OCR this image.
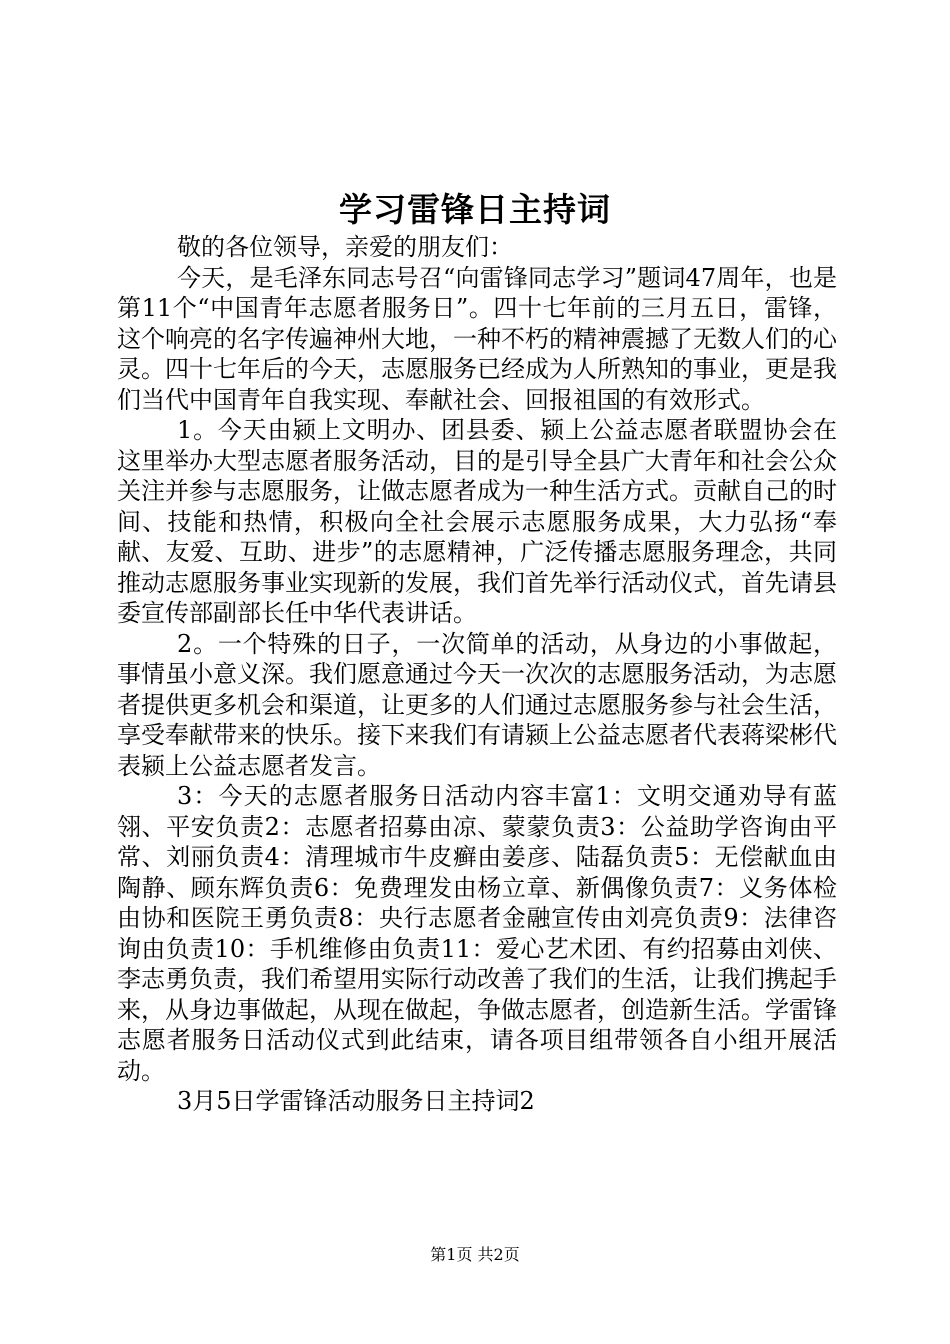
学习雷锋日主持词

敬的各位领导，亲爱的朋友们：

今天，是毛泽东同志号召“向雷锋同志学习”题词47周年，也是第11个“中国青年志愿者服务日”。四十七年前的三月五日，雷锋，这个响亮的名字传遍神州大地，一种不朽的精神震撼了无数人们的心灵。四十七年后的今天，志愿服务已经成为人所熟知的事业，更是我们当代中国青年自我实现、奉献社会、回报祖国的有效形式。

1。今天由颍上文明办、团县委、颍上公益志愿者联盟协会在这里举办大型志愿者服务活动，目的是引导全县广大青年和社会公众关注并参与志愿服务，让做志愿者成为一种生活方式。贡献自己的时间、技能和热情，积极向全社会展示志愿服务成果，大力弘扬“奉献、友爱、互助、进步”的志愿精神，广泛传播志愿服务理念，共同推动志愿服务事业实现新的发展，我们首先举行活动仪式，首先请县委宣传部副部长任中华代表讲话。

2。一个特殊的日子，一次简单的活动，从身边的小事做起，事情虽小意义深。我们愿意通过今天一次次的志愿服务活动，为志愿者提供更多机会和渠道，让更多的人们通过志愿服务参与社会生活，享受奉献带来的快乐。接下来我们有请颍上公益志愿者代表蒋梁彬代表颍上公益志愿者发言。

3：今天的志愿者服务日活动内容丰富1：文明交通劝导有蓝翎、平安负责2：志愿者招募由凉、蒙蒙负责3：公益助学咨询由平常、刘丽负责4：清理城市牛皮癣由姜彦、陆磊负责5：无偿献血由陶静、顾东辉负责6：免费理发由杨立章、新偶像负责7：义务体检由协和医院王勇负责8：央行志愿者金融宣传由刘亮负责9：法律咨询由负责10：手机维修由负责11：爱心艺术团、有约招募由刘侠、李志勇负责，我们希望用实际行动改善了我们的生活，让我们携起手来，从身边事做起，从现在做起，争做志愿者，创造新生活。学雷锋志愿者服务日活动仪式到此结束，请各项目组带领各自小组开展活动。

3月5日学雷锋活动服务日主持词2

第1页 共2页
